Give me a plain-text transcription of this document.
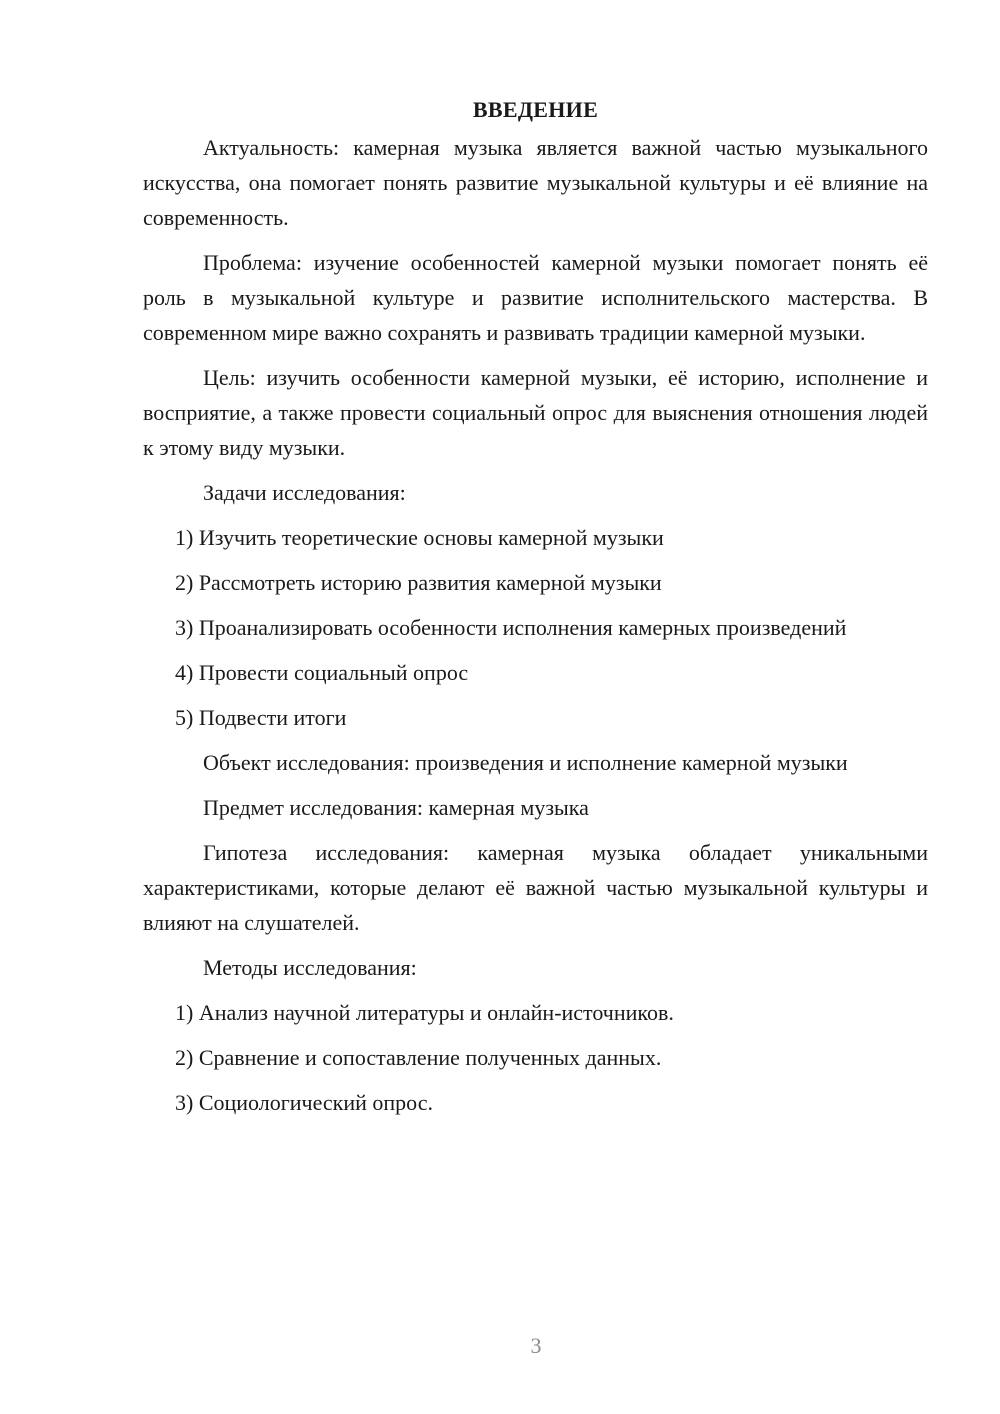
ВВЕДЕНИЕ

Актуальность: камерная музыка является важной частью музыкального искусства, она помогает понять развитие музыкальной культуры и её влияние на современность.

Проблема: изучение особенностей камерной музыки помогает понять её роль в музыкальной культуре и развитие исполнительского мастерства. В современном мире важно сохранять и развивать традиции камерной музыки.

Цель: изучить особенности камерной музыки, её историю, исполнение и восприятие, а также провести социальный опрос для выяснения отношения людей к этому виду музыки.

Задачи исследования:

1) Изучить теоретические основы камерной музыки

2) Рассмотреть историю развития камерной музыки

3) Проанализировать особенности исполнения камерных произведений

4) Провести социальный опрос

5) Подвести итоги

Объект исследования: произведения и исполнение камерной музыки

Предмет исследования: камерная музыка

Гипотеза исследования: камерная музыка обладает уникальными характеристиками, которые делают её важной частью музыкальной культуры и влияют на слушателей.

Методы исследования:

1) Анализ научной литературы и онлайн-источников.

2) Сравнение и сопоставление полученных данных.

3) Социологический опрос.

3
